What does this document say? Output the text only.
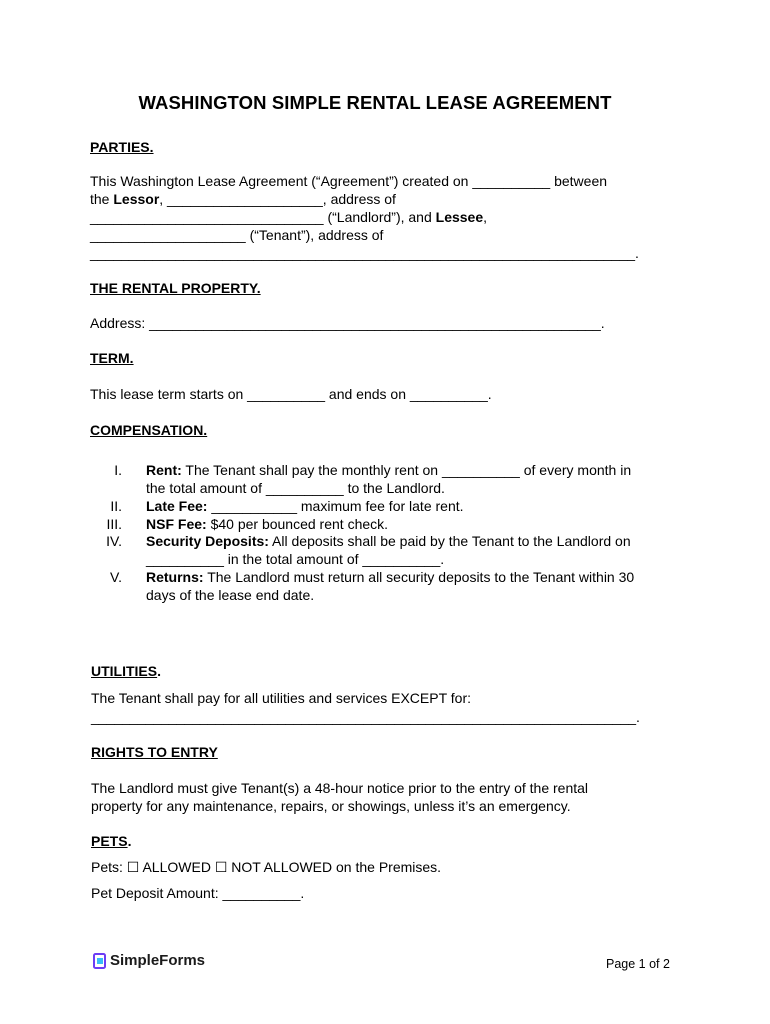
WASHINGTON SIMPLE RENTAL LEASE AGREEMENT
PARTIES.
This Washington Lease Agreement (“Agreement”) created on __________ between
the Lessor, ____________________, address of
______________________________ (“Landlord”), and Lessee,
____________________ (“Tenant”), address of
______________________________________________________________________.
THE RENTAL PROPERTY.
Address: __________________________________________________________.
TERM.
This lease term starts on __________ and ends on __________.
COMPENSATION.
I. Rent: The Tenant shall pay the monthly rent on __________ of every month in
the total amount of __________ to the Landlord.
II. Late Fee: ___________ maximum fee for late rent.
III. NSF Fee: $40 per bounced rent check.
IV. Security Deposits: All deposits shall be paid by the Tenant to the Landlord on
__________ in the total amount of __________.
V. Returns: The Landlord must return all security deposits to the Tenant within 30
days of the lease end date.
UTILITIES.
The Tenant shall pay for all utilities and services EXCEPT for:
______________________________________________________________________.
RIGHTS TO ENTRY
The Landlord must give Tenant(s) a 48-hour notice prior to the entry of the rental
property for any maintenance, repairs, or showings, unless it’s an emergency.
PETS.
Pets: ☐ ALLOWED ☐ NOT ALLOWED on the Premises.
Pet Deposit Amount: __________.
SimpleForms	Page 1 of 2
